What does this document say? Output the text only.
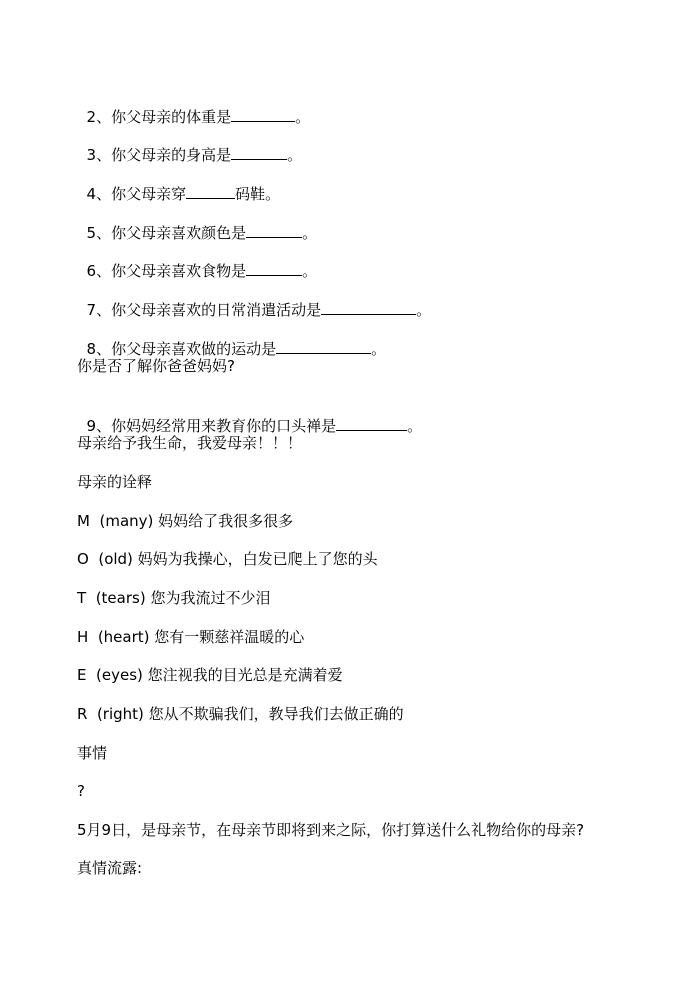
2、你父母亲的体重是	。

3、你父母亲的身高是	。

4、你父母亲穿	码鞋。

5、你父母亲喜欢颜色是	。

6、你父母亲喜欢食物是	。

7、你父母亲喜欢的日常消遣活动是	。

8、你父母亲喜欢做的运动是	。

你是否了解你爸爸妈妈?

9、你妈妈经常用来教育你的口头禅是	。

母亲给予我生命，我爱母亲！！！
母亲的诠释
M  (many) 妈妈给了我很多很多
O  (old) 妈妈为我操心，白发已爬上了您的头
T  (tears) 您为我流过不少泪
H  (heart) 您有一颗慈祥温暖的心
E  (eyes) 您注视我的目光总是充满着爱
R  (right) 您从不欺骗我们，教导我们去做正确的
事情
?
5月9日，是母亲节，在母亲节即将到来之际，你打算送什么礼物给你的母亲?
真情流露:
